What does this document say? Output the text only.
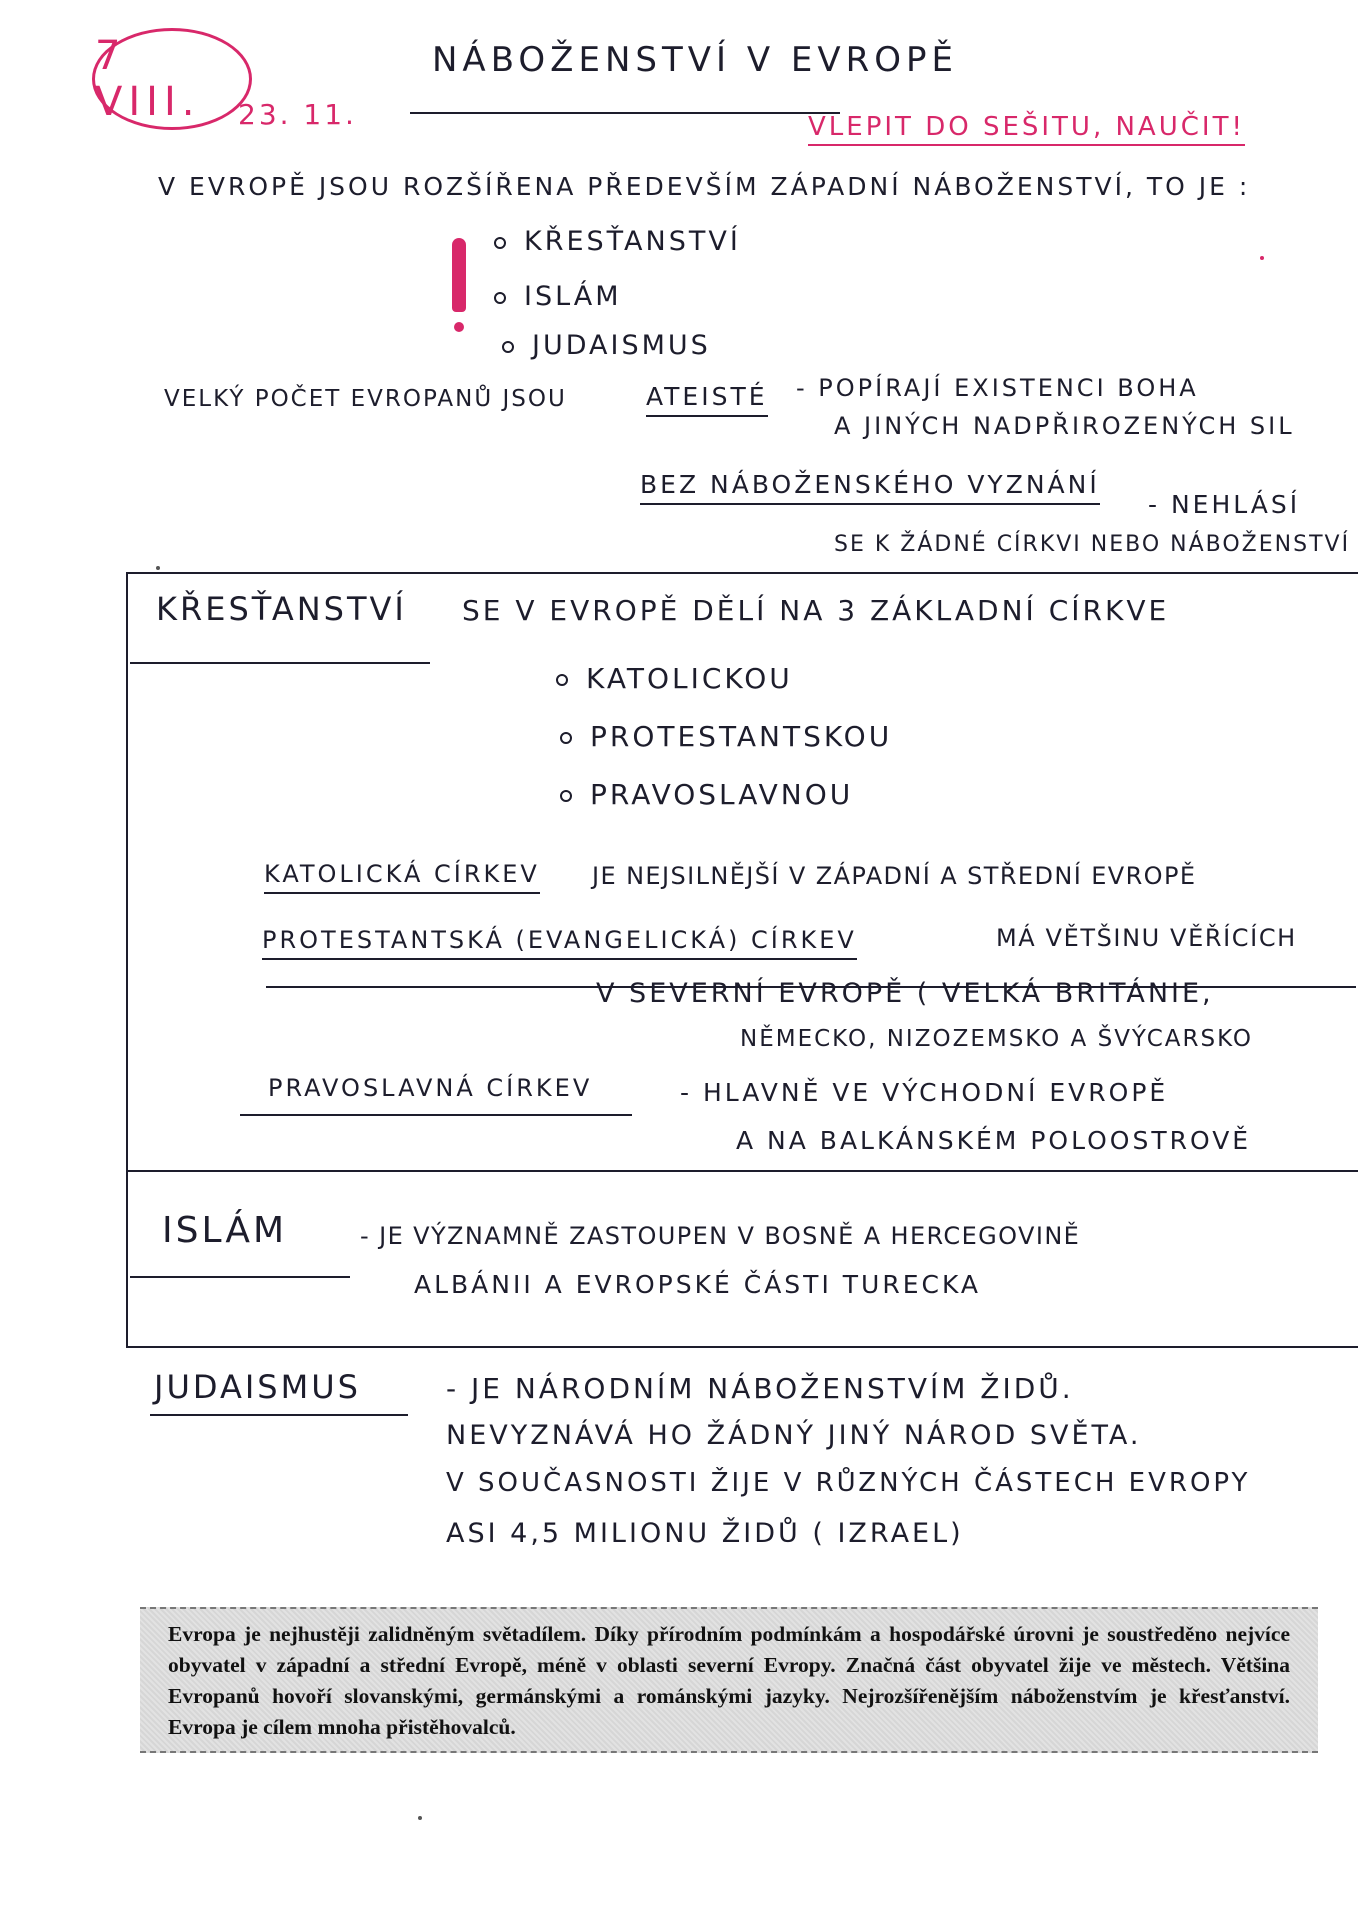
7 VIII.	23. 11.
NÁBOŽENSTVÍ V EVROPĚ
VLEPIT DO SEŠITU, NAUČIT!
V EVROPĚ JSOU ROZŠÍŘENA PŘEDEVŠÍM ZÁPADNÍ NÁBOŽENSTVÍ, TO JE :
KŘESŤANSTVÍ
ISLÁM
JUDAISMUS
VELKÝ POČET EVROPANŮ JSOU	ATEISTÉ - POPÍRAJÍ EXISTENCI BOHA
A JINÝCH NADPŘIROZENÝCH SIL
BEZ NÁBOŽENSKÉHO VYZNÁNÍ
- NEHLÁSÍ
SE K ŽÁDNÉ CÍRKVI NEBO NÁBOŽENSTVÍ
KŘESŤANSTVÍ SE V EVROPĚ DĚLÍ NA 3 ZÁKLADNÍ CÍRKVE
KATOLICKOU
PROTESTANTSKOU
PRAVOSLAVNOU
KATOLICKÁ CÍRKEV JE NEJSILNĚJŠÍ V ZÁPADNÍ A STŘEDNÍ EVROPĚ
PROTESTANTSKÁ (EVANGELICKÁ) CÍRKEV	MÁ VĚTŠINU VĚŘÍCÍCH
V SEVERNÍ EVROPĚ ( VELKÁ BRITÁNIE,
NĚMECKO, NIZOZEMSKO A ŠVÝCARSKO
PRAVOSLAVNÁ CÍRKEV	- HLAVNĚ VE VÝCHODNÍ EVROPĚ
A NA BALKÁNSKÉM POLOOSTROVĚ
ISLÁM	- JE VÝZNAMNĚ ZASTOUPEN V BOSNĚ A HERCEGOVINĚ
ALBÁNII A EVROPSKÉ ČÁSTI TURECKA
JUDAISMUS	- JE NÁRODNÍM NÁBOŽENSTVÍM ŽIDŮ.
NEVYZNÁVÁ HO ŽÁDNÝ JINÝ NÁROD SVĚTA.
V SOUČASNOSTI ŽIJE V RŮZNÝCH ČÁSTECH EVROPY
ASI 4,5 MILIONU ŽIDŮ ( IZRAEL)
Evropa je nejhustěji zalidněným světadílem. Díky přírodním podmínkám a hospodářské úrovni je soustředěno nejvíce obyvatel v západní a střední Evropě, méně v oblasti severní Evropy. Značná část obyvatel žije ve městech. Většina Evropanů hovoří slovanskými, germánskými a románskými jazyky. Nejrozšířenějším náboženstvím je křesťanství. Evropa je cílem mnoha přistěhovalců.
